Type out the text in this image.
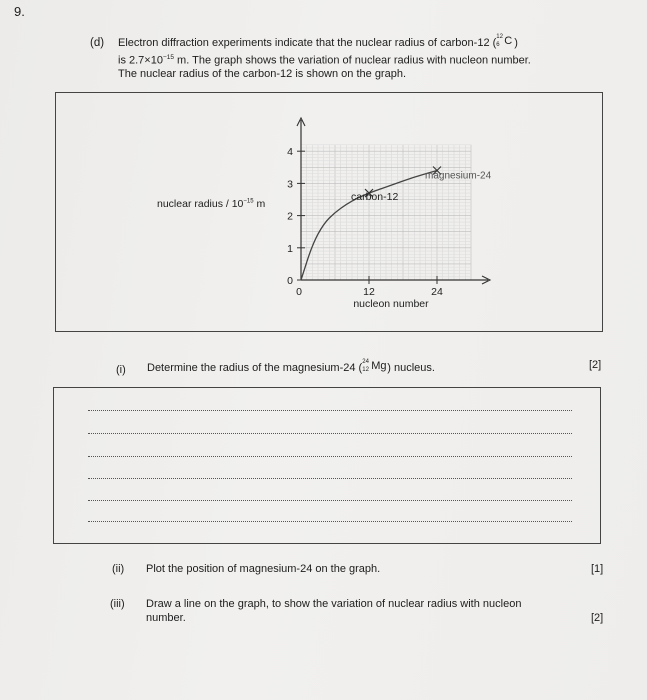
9.
(d) Electron diffraction experiments indicate that the nuclear radius of carbon-12 ( 12
6 C )
is $2.7\times 10^{-15}$ m. The graph shows the variation of nuclear radius with nucleon number.
The nuclear radius of the carbon-12 is shown on the graph.
nuclear radius / $10^{-15}$ m
0
1
2
3
4
0	12	24
carbon-12
magnesium-24
nucleon number
(i) Determine the radius of the magnesium-24 ( 24
12 Mg ) nucleus.	[2]
(ii) Plot the position of magnesium-24 on the graph.	[1]
(iii) Draw a line on the graph, to show the variation of nuclear radius with nucleon
number.	[2]
